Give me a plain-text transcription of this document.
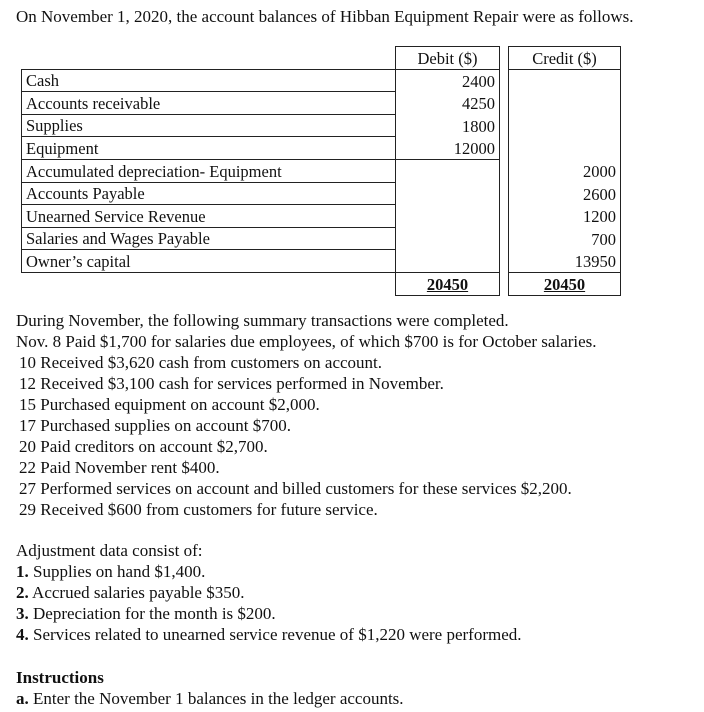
On November 1, 2020, the account balances of Hibban Equipment Repair were as follows.
	Debit ($)		Credit ($)
Cash	2400		
Accounts receivable	4250		
Supplies	1800		
Equipment	12000		
Accumulated depreciation- Equipment			2000
Accounts Payable			2600
Unearned Service Revenue			1200
Salaries and Wages Payable			700
Owner’s capital			13950
	20450		20450
During November, the following summary transactions were completed.
Nov. 8 Paid $1,700 for salaries due employees, of which $700 is for October salaries.
10 Received $3,620 cash from customers on account.
12 Received $3,100 cash for services performed in November.
15 Purchased equipment on account $2,000.
17 Purchased supplies on account $700.
20 Paid creditors on account $2,700.
22 Paid November rent $400.
27 Performed services on account and billed customers for these services $2,200.
29 Received $600 from customers for future service.
Adjustment data consist of:
1. Supplies on hand $1,400.
2. Accrued salaries payable $350.
3. Depreciation for the month is $200.
4. Services related to unearned service revenue of $1,220 were performed.
Instructions
a. Enter the November 1 balances in the ledger accounts.
